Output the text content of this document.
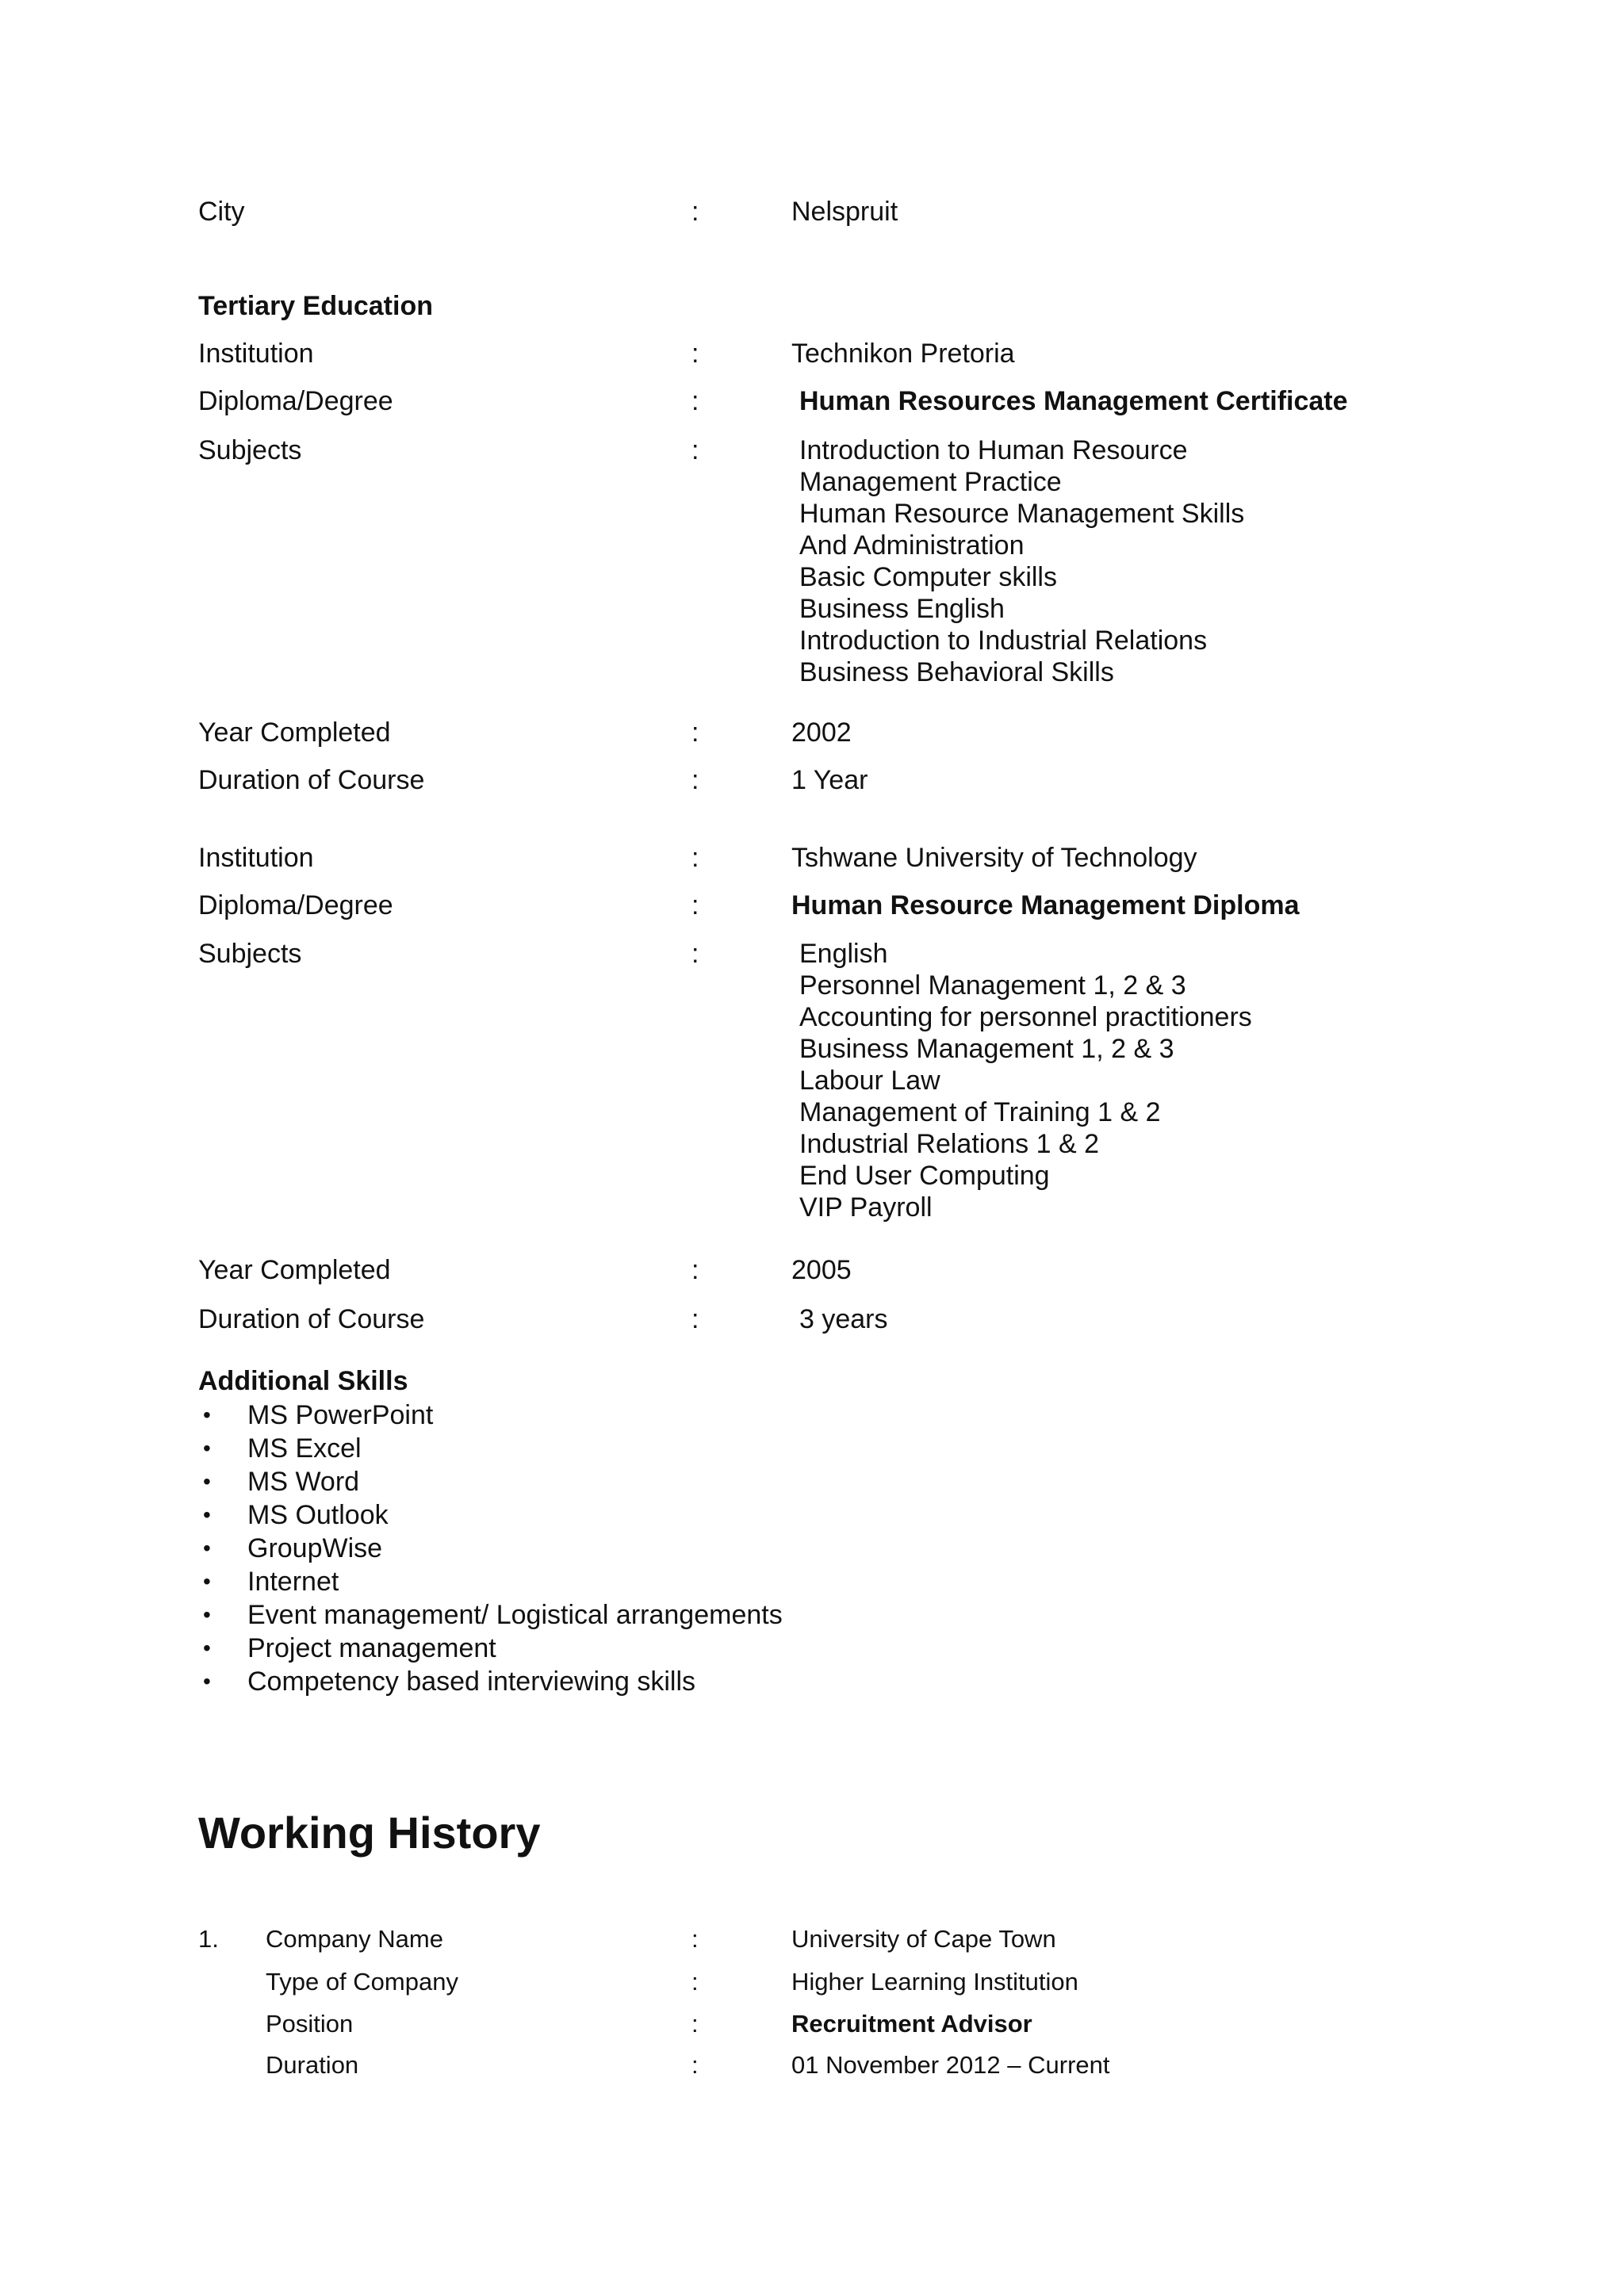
City	:	Nelspruit
Tertiary Education
Institution	:	Technikon Pretoria
Diploma/Degree	:	Human Resources Management Certificate
Subjects	:	Introduction to Human Resource
Management Practice
Human Resource Management Skills
And Administration
Basic Computer skills
Business English
Introduction to Industrial Relations
Business Behavioral Skills
Year Completed	:	2002
Duration of Course	:	1 Year
Institution	:	Tshwane University of Technology
Diploma/Degree	:	Human Resource Management Diploma
Subjects	:	English
Personnel Management 1, 2 & 3
Accounting for personnel practitioners
Business Management 1, 2 & 3
Labour Law
Management of Training 1 & 2
Industrial Relations 1 & 2
End User Computing
VIP Payroll
Year Completed	:	2005
Duration of Course	:	3 years
Additional Skills
• MS PowerPoint
• MS Excel
• MS Word
• MS Outlook
• GroupWise
• Internet
• Event management/ Logistical arrangements
• Project management
• Competency based interviewing skills
Working History
1. Company Name	:	University of Cape Town
Type of Company	:	Higher Learning Institution
Position	:	Recruitment Advisor
Duration	:	01 November 2012 – Current
